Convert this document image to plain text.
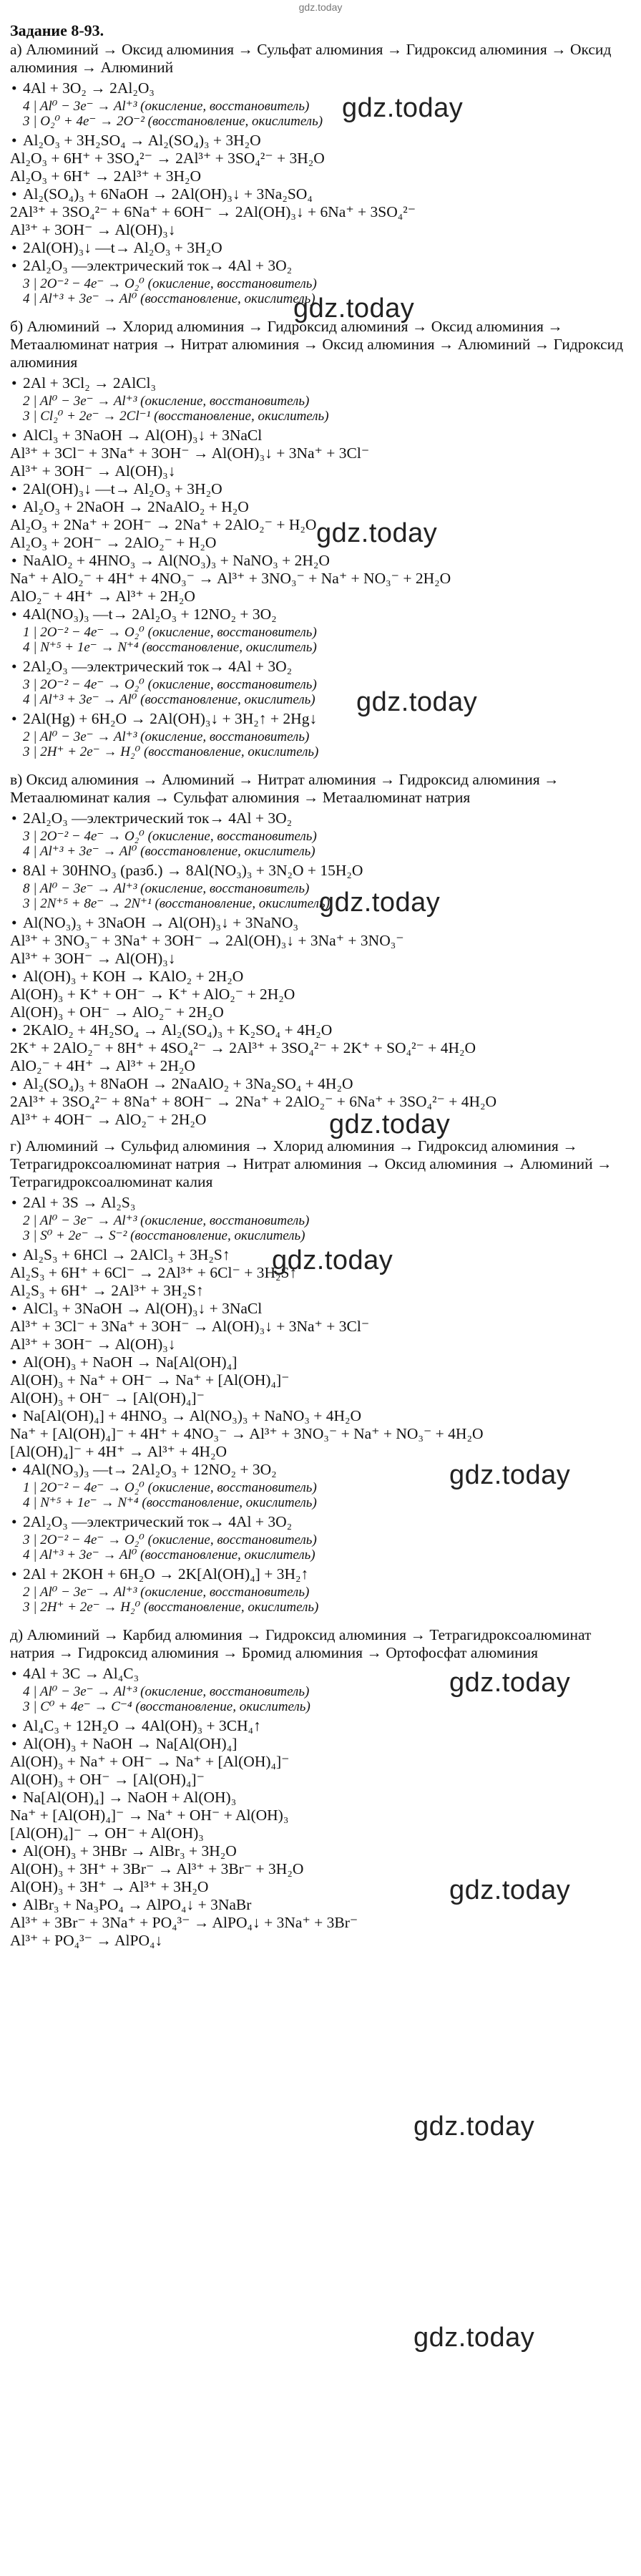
gdz.today
Задание 8-93.
а) Алюминий → Оксид алюминия → Сульфат алюминия → Гидроксид алюминия → Оксид алюминия → Алюминий
• 4Al + 3O₂ → 2Al₂O₃
4 | Al⁰ − 3e⁻ → Al⁺³ (окисление, восстановитель)
3 | O₂⁰ + 4e⁻ → 2O⁻² (восстановление, окислитель)
• Al₂O₃ + 3H₂SO₄ → Al₂(SO₄)₃ + 3H₂O
Al₂O₃ + 6H⁺ + 3SO₄²⁻ → 2Al³⁺ + 3SO₄²⁻ + 3H₂O
Al₂O₃ + 6H⁺ → 2Al³⁺ + 3H₂O
• Al₂(SO₄)₃ + 6NaOH → 2Al(OH)₃↓ + 3Na₂SO₄
2Al³⁺ + 3SO₄²⁻ + 6Na⁺ + 6OH⁻ → 2Al(OH)₃↓ + 6Na⁺ + 3SO₄²⁻
Al³⁺ + 3OH⁻ → Al(OH)₃↓
• 2Al(OH)₃↓ —t→ Al₂O₃ + 3H₂O
• 2Al₂O₃ —электрический ток→ 4Al + 3O₂
3 | 2O⁻² − 4e⁻ → O₂⁰ (окисление, восстановитель)
4 | Al⁺³ + 3e⁻ → Al⁰ (восстановление, окислитель)
б) Алюминий → Хлорид алюминия → Гидроксид алюминия → Оксид алюминия → Метаалюминат натрия → Нитрат алюминия → Оксид алюминия → Алюминий → Гидроксид алюминия
• 2Al + 3Cl₂ → 2AlCl₃
2 | Al⁰ − 3e⁻ → Al⁺³ (окисление, восстановитель)
3 | Cl₂⁰ + 2e⁻ → 2Cl⁻¹ (восстановление, окислитель)
• AlCl₃ + 3NaOH → Al(OH)₃↓ + 3NaCl
Al³⁺ + 3Cl⁻ + 3Na⁺ + 3OH⁻ → Al(OH)₃↓ + 3Na⁺ + 3Cl⁻
Al³⁺ + 3OH⁻ → Al(OH)₃↓
• 2Al(OH)₃↓ —t→ Al₂O₃ + 3H₂O
• Al₂O₃ + 2NaOH → 2NaAlO₂ + H₂O
Al₂O₃ + 2Na⁺ + 2OH⁻ → 2Na⁺ + 2AlO₂⁻ + H₂O
Al₂O₃ + 2OH⁻ → 2AlO₂⁻ + H₂O
• NaAlO₂ + 4HNO₃ → Al(NO₃)₃ + NaNO₃ + 2H₂O
Na⁺ + AlO₂⁻ + 4H⁺ + 4NO₃⁻ → Al³⁺ + 3NO₃⁻ + Na⁺ + NO₃⁻ + 2H₂O
AlO₂⁻ + 4H⁺ → Al³⁺ + 2H₂O
• 4Al(NO₃)₃ —t→ 2Al₂O₃ + 12NO₂ + 3O₂
1 | 2O⁻² − 4e⁻ → O₂⁰ (окисление, восстановитель)
4 | N⁺⁵ + 1e⁻ → N⁺⁴ (восстановление, окислитель)
• 2Al₂O₃ —электрический ток→ 4Al + 3O₂
3 | 2O⁻² − 4e⁻ → O₂⁰ (окисление, восстановитель)
4 | Al⁺³ + 3e⁻ → Al⁰ (восстановление, окислитель)
• 2Al(Hg) + 6H₂O → 2Al(OH)₃↓ + 3H₂↑ + 2Hg↓
2 | Al⁰ − 3e⁻ → Al⁺³ (окисление, восстановитель)
3 | 2H⁺ + 2e⁻ → H₂⁰ (восстановление, окислитель)
в) Оксид алюминия → Алюминий → Нитрат алюминия → Гидроксид алюминия → Метаалюминат калия → Сульфат алюминия → Метаалюминат натрия
• 2Al₂O₃ —электрический ток→ 4Al + 3O₂
3 | 2O⁻² − 4e⁻ → O₂⁰ (окисление, восстановитель)
4 | Al⁺³ + 3e⁻ → Al⁰ (восстановление, окислитель)
• 8Al + 30HNO₃ (разб.) → 8Al(NO₃)₃ + 3N₂O + 15H₂O
8 | Al⁰ − 3e⁻ → Al⁺³ (окисление, восстановитель)
3 | 2N⁺⁵ + 8e⁻ → 2N⁺¹ (восстановление, окислитель)
• Al(NO₃)₃ + 3NaOH → Al(OH)₃↓ + 3NaNO₃
Al³⁺ + 3NO₃⁻ + 3Na⁺ + 3OH⁻ → 2Al(OH)₃↓ + 3Na⁺ + 3NO₃⁻
Al³⁺ + 3OH⁻ → Al(OH)₃↓
• Al(OH)₃ + KOH → KAlO₂ + 2H₂O
Al(OH)₃ + K⁺ + OH⁻ → K⁺ + AlO₂⁻ + 2H₂O
Al(OH)₃ + OH⁻ → AlO₂⁻ + 2H₂O
• 2KAlO₂ + 4H₂SO₄ → Al₂(SO₄)₃ + K₂SO₄ + 4H₂O
2K⁺ + 2AlO₂⁻ + 8H⁺ + 4SO₄²⁻ → 2Al³⁺ + 3SO₄²⁻ + 2K⁺ + SO₄²⁻ + 4H₂O
AlO₂⁻ + 4H⁺ → Al³⁺ + 2H₂O
• Al₂(SO₄)₃ + 8NaOH → 2NaAlO₂ + 3Na₂SO₄ + 4H₂O
2Al³⁺ + 3SO₄²⁻ + 8Na⁺ + 8OH⁻ → 2Na⁺ + 2AlO₂⁻ + 6Na⁺ + 3SO₄²⁻ + 4H₂O
Al³⁺ + 4OH⁻ → AlO₂⁻ + 2H₂O
г) Алюминий → Сульфид алюминия → Хлорид алюминия → Гидроксид алюминия → Тетрагидроксоалюминат натрия → Нитрат алюминия → Оксид алюминия → Алюминий → Тетрагидроксоалюминат калия
• 2Al + 3S → Al₂S₃
2 | Al⁰ − 3e⁻ → Al⁺³ (окисление, восстановитель)
3 | S⁰ + 2e⁻ → S⁻² (восстановление, окислитель)
• Al₂S₃ + 6HCl → 2AlCl₃ + 3H₂S↑
Al₂S₃ + 6H⁺ + 6Cl⁻ → 2Al³⁺ + 6Cl⁻ + 3H₂S↑
Al₂S₃ + 6H⁺ → 2Al³⁺ + 3H₂S↑
• AlCl₃ + 3NaOH → Al(OH)₃↓ + 3NaCl
Al³⁺ + 3Cl⁻ + 3Na⁺ + 3OH⁻ → Al(OH)₃↓ + 3Na⁺ + 3Cl⁻
Al³⁺ + 3OH⁻ → Al(OH)₃↓
• Al(OH)₃ + NaOH → Na[Al(OH)₄]
Al(OH)₃ + Na⁺ + OH⁻ → Na⁺ + [Al(OH)₄]⁻
Al(OH)₃ + OH⁻ → [Al(OH)₄]⁻
• Na[Al(OH)₄] + 4HNO₃ → Al(NO₃)₃ + NaNO₃ + 4H₂O
Na⁺ + [Al(OH)₄]⁻ + 4H⁺ + 4NO₃⁻ → Al³⁺ + 3NO₃⁻ + Na⁺ + NO₃⁻ + 4H₂O
[Al(OH)₄]⁻ + 4H⁺ → Al³⁺ + 4H₂O
• 4Al(NO₃)₃ —t→ 2Al₂O₃ + 12NO₂ + 3O₂
1 | 2O⁻² − 4e⁻ → O₂⁰ (окисление, восстановитель)
4 | N⁺⁵ + 1e⁻ → N⁺⁴ (восстановление, окислитель)
• 2Al₂O₃ —электрический ток→ 4Al + 3O₂
3 | 2O⁻² − 4e⁻ → O₂⁰ (окисление, восстановитель)
4 | Al⁺³ + 3e⁻ → Al⁰ (восстановление, окислитель)
• 2Al + 2KOH + 6H₂O → 2K[Al(OH)₄] + 3H₂↑
2 | Al⁰ − 3e⁻ → Al⁺³ (окисление, восстановитель)
3 | 2H⁺ + 2e⁻ → H₂⁰ (восстановление, окислитель)
д) Алюминий → Карбид алюминия → Гидроксид алюминия → Тетрагидроксоалюминат натрия → Гидроксид алюминия → Бромид алюминия → Ортофосфат алюминия
• 4Al + 3C → Al₄C₃
4 | Al⁰ − 3e⁻ → Al⁺³ (окисление, восстановитель)
3 | C⁰ + 4e⁻ → C⁻⁴ (восстановление, окислитель)
• Al₄C₃ + 12H₂O → 4Al(OH)₃ + 3CH₄↑
• Al(OH)₃ + NaOH → Na[Al(OH)₄]
Al(OH)₃ + Na⁺ + OH⁻ → Na⁺ + [Al(OH)₄]⁻
Al(OH)₃ + OH⁻ → [Al(OH)₄]⁻
• Na[Al(OH)₄] → NaOH + Al(OH)₃
Na⁺ + [Al(OH)₄]⁻ → Na⁺ + OH⁻ + Al(OH)₃
[Al(OH)₄]⁻ → OH⁻ + Al(OH)₃
• Al(OH)₃ + 3HBr → AlBr₃ + 3H₂O
Al(OH)₃ + 3H⁺ + 3Br⁻ → Al³⁺ + 3Br⁻ + 3H₂O
Al(OH)₃ + 3H⁺ → Al³⁺ + 3H₂O
• AlBr₃ + Na₃PO₄ → AlPO₄↓ + 3NaBr
Al³⁺ + 3Br⁻ + 3Na⁺ + PO₄³⁻ → AlPO₄↓ + 3Na⁺ + 3Br⁻
Al³⁺ + PO₄³⁻ → AlPO₄↓
gdz.today
gdz.today
gdz.today
gdz.today
gdz.today
gdz.today
gdz.today
gdz.today
gdz.today
gdz.today
gdz.today
gdz.today
